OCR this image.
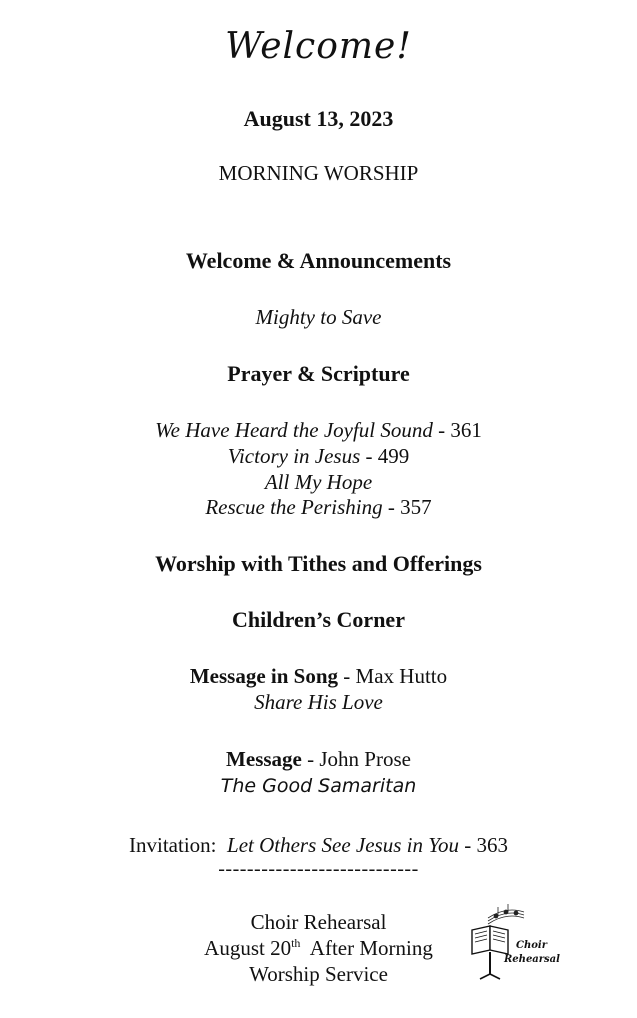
Welcome!
August 13, 2023
MORNING WORSHIP
Welcome & Announcements
Mighty to Save
Prayer & Scripture
We Have Heard the Joyful Sound - 361
Victory in Jesus - 499
All My Hope
Rescue the Perishing - 357
Worship with Tithes and Offerings
Children’s Corner
Message in Song - Max Hutto
Share His Love
Message - John Prose
The Good Samaritan
Invitation:  Let Others See Jesus in You - 363
----------------------------
Choir Rehearsal
August 20th  After Morning
Worship Service
Choir
Rehearsal
